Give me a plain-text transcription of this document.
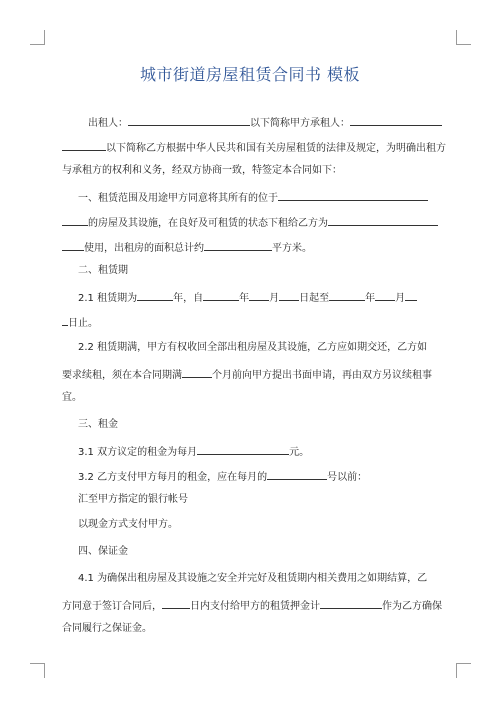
城市街道房屋租赁合同书 模板
出租人：	以下简称甲方承租人：
以下简称乙方根据中华人民共和国有关房屋租赁的法律及规定，为明确出租方
与承租方的权利和义务，经双方协商一致，特签定本合同如下：
一、租赁范围及用途甲方同意将其所有的位于
的房屋及其设施，在良好及可租赁的状态下租给乙方为
使用，出租房的面积总计约	平方米。
二、租赁期
2.1 租赁期为	年，自	年 月 日起至	年 月
日止。
2.2 租赁期满，甲方有权收回全部出租房屋及其设施，乙方应如期交还，乙方如
要求续租，须在本合同期满	个月前向甲方提出书面申请，再由双方另议续租事
宜。
三、租金
3.1 双方议定的租金为每月	元。
3.2 乙方支付甲方每月的租金，应在每月的	号以前：
汇至甲方指定的银行帐号
以现金方式支付甲方。
四、保证金
4.1 为确保出租房屋及其设施之安全并完好及租赁期内相关费用之如期结算，乙
方同意于签订合同后，	日内支付给甲方的租赁押金计	作为乙方确保
合同履行之保证金。
